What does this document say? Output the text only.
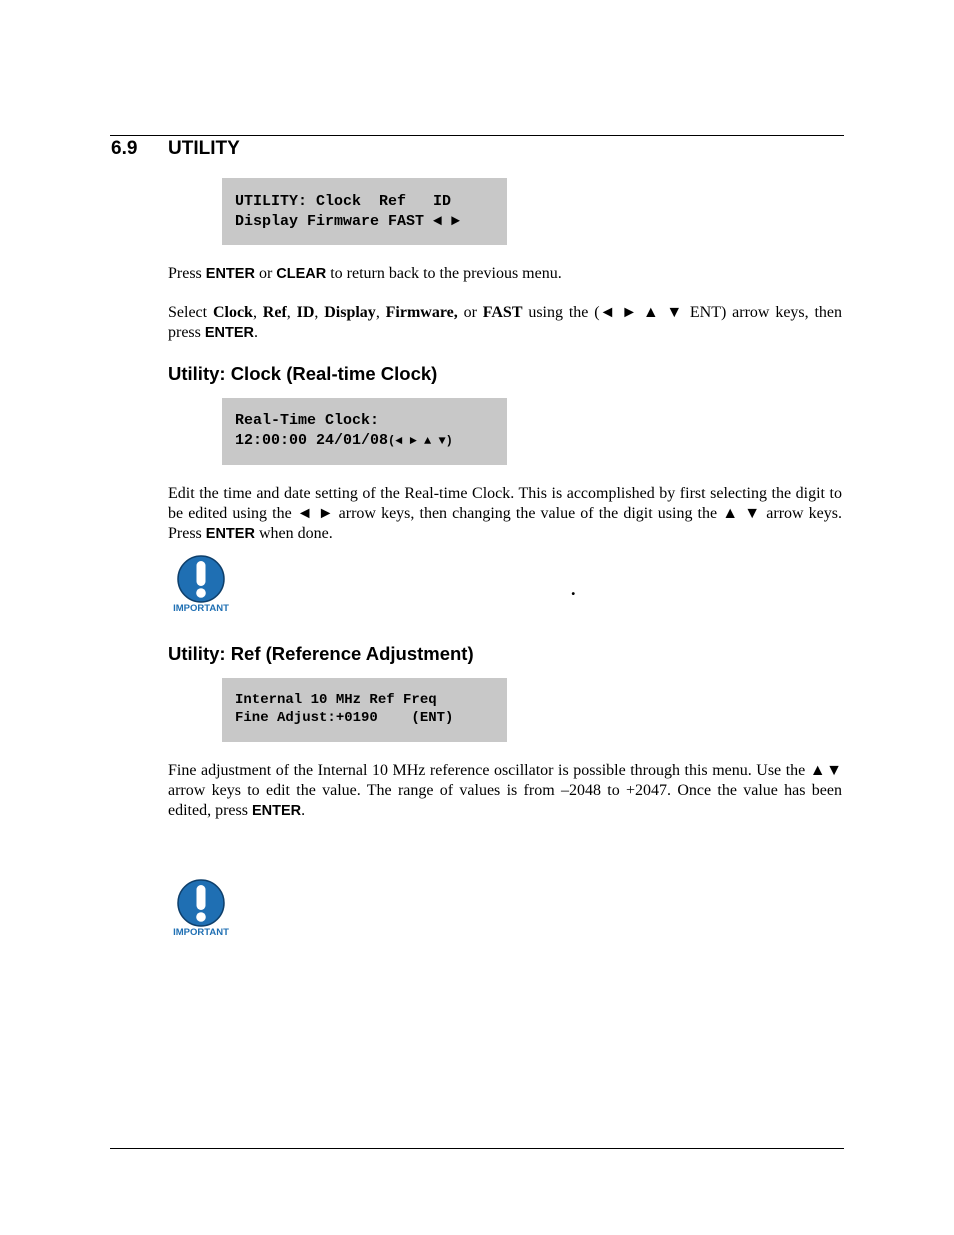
6.9 UTILITY
UTILITY: Clock  Ref   ID
Display Firmware FAST ◄ ►
Press ENTER or CLEAR to return back to the previous menu.
Select Clock, Ref, ID, Display, Firmware, or FAST using the (◄ ► ▲ ▼ ENT) arrow keys, then press ENTER.
Utility: Clock (Real-time Clock)
Real-Time Clock:
12:00:00 24/01/08(◄ ► ▲ ▼)
Edit the time and date setting of the Real-time Clock. This is accomplished by first selecting the digit to be edited using the ◄ ► arrow keys, then changing the value of the digit using the ▲ ▼ arrow keys. Press ENTER when done.
IMPORTANT
.
Utility: Ref (Reference Adjustment)
Internal 10 MHz Ref Freq
Fine Adjust:+0190    (ENT)
Fine adjustment of the Internal 10 MHz reference oscillator is possible through this menu. Use the ▲▼ arrow keys to edit the value. The range of values is from –2048 to +2047. Once the value has been edited, press ENTER.
IMPORTANT
